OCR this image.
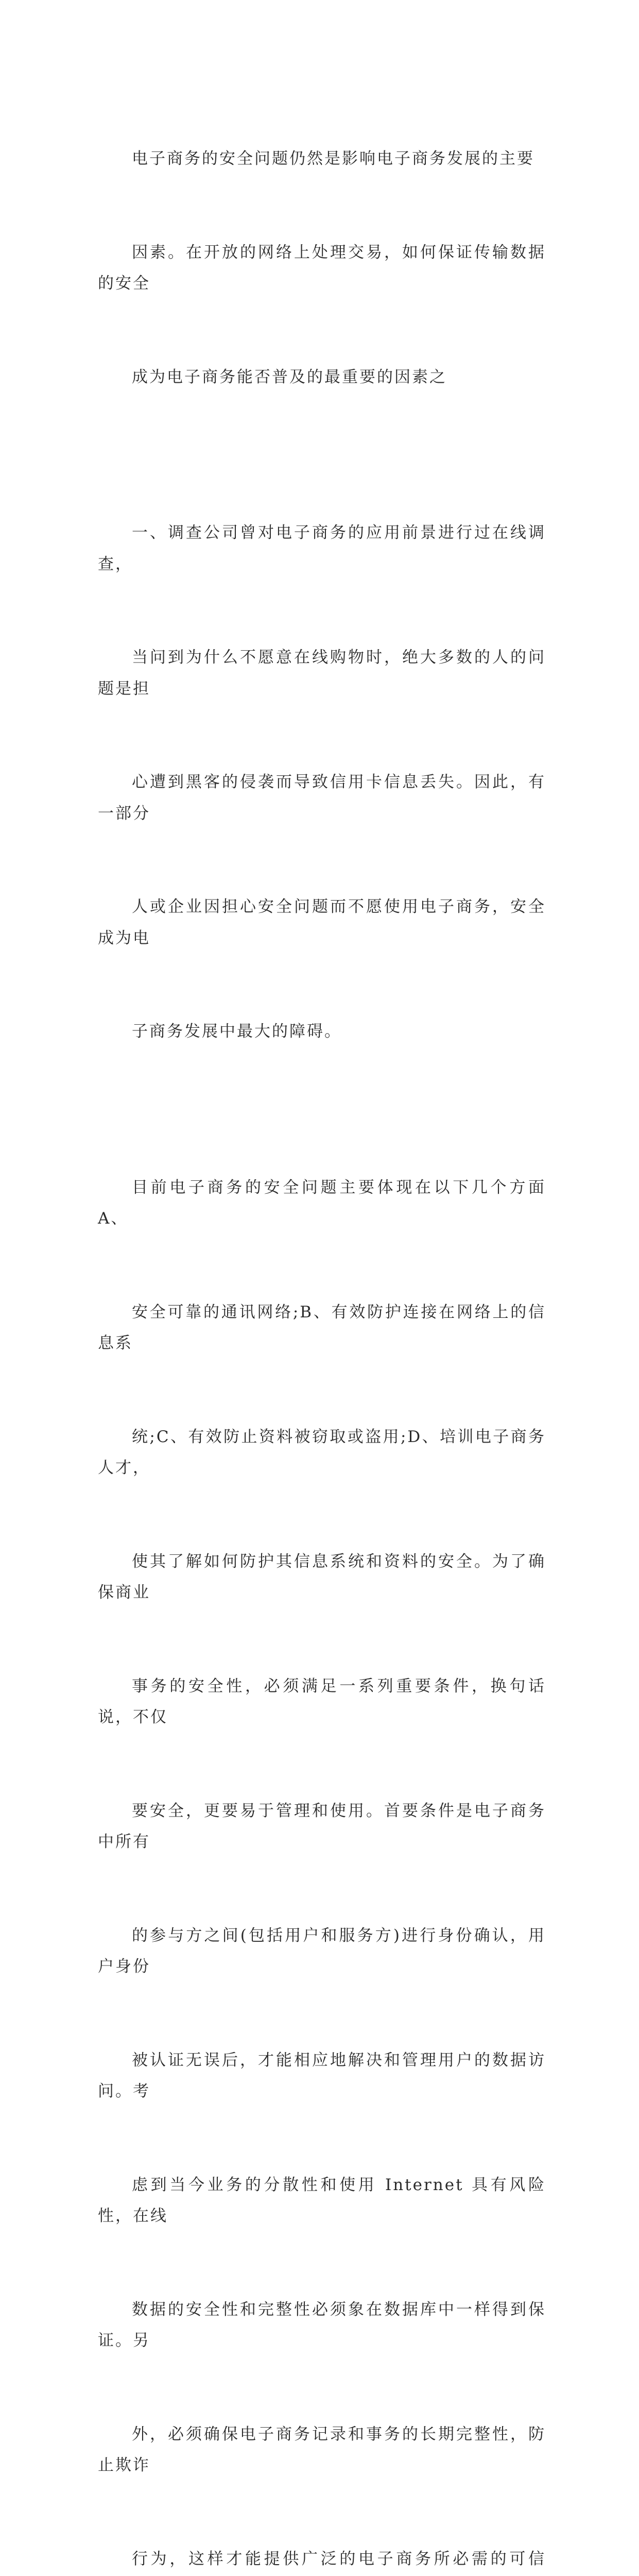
电子商务的安全问题仍然是影响电子商务发展的主要

因素。在开放的网络上处理交易，如何保证传输数据的安全

成为电子商务能否普及的最重要的因素之

一、调查公司曾对电子商务的应用前景进行过在线调查，

当问到为什么不愿意在线购物时，绝大多数的人的问题是担

心遭到黑客的侵袭而导致信用卡信息丢失。因此，有一部分

人或企业因担心安全问题而不愿使用电子商务，安全成为电

子商务发展中最大的障碍。

目前电子商务的安全问题主要体现在以下几个方面 A、

安全可靠的通讯网络;B、有效防护连接在网络上的信息系

统;C、有效防止资料被窃取或盗用;D、培训电子商务人才，

使其了解如何防护其信息系统和资料的安全。为了确保商业

事务的安全性，必须满足一系列重要条件，换句话说，不仅

要安全，更要易于管理和使用。首要条件是电子商务中所有

的参与方之间(包括用户和服务方)进行身份确认，用户身份

被认证无误后，才能相应地解决和管理用户的数据访问。考

虑到当今业务的分散性和使用 Internet 具有风险性，在线

数据的安全性和完整性必须象在数据库中一样得到保证。另

外，必须确保电子商务记录和事务的长期完整性，防止欺诈

行为，这样才能提供广泛的电子商务所必需的可信
